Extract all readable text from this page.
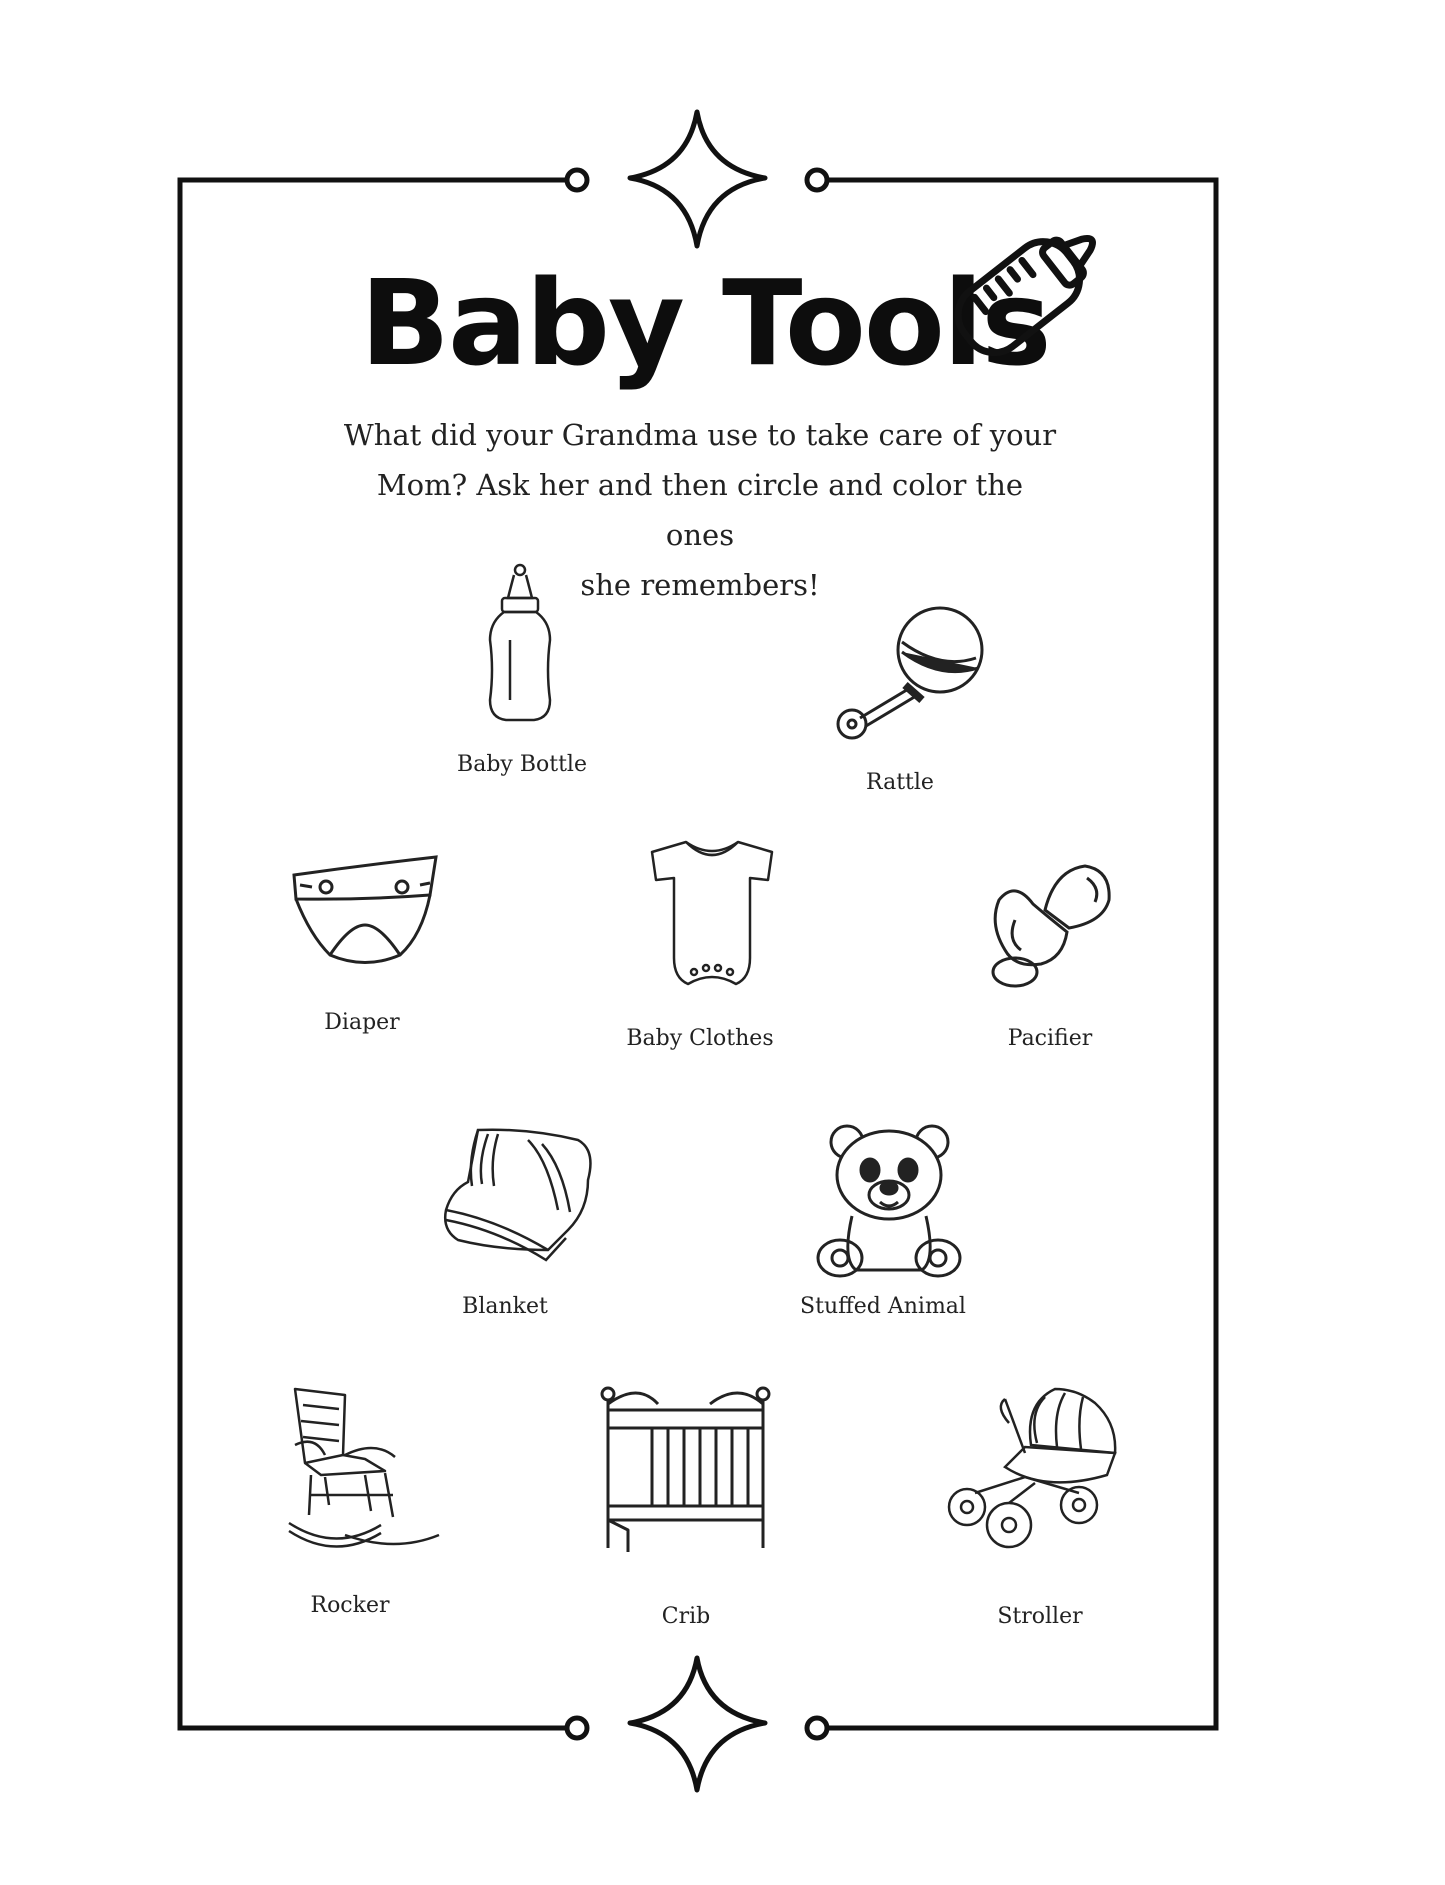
Baby Tools
What did your Grandma use to take care of your
Mom? Ask her and then circle and color the ones
she remembers!
Baby Bottle
Rattle
Diaper
Baby Clothes	Pacifier
Blanket	Stuffed Animal
Rocker	Crib	Stroller
